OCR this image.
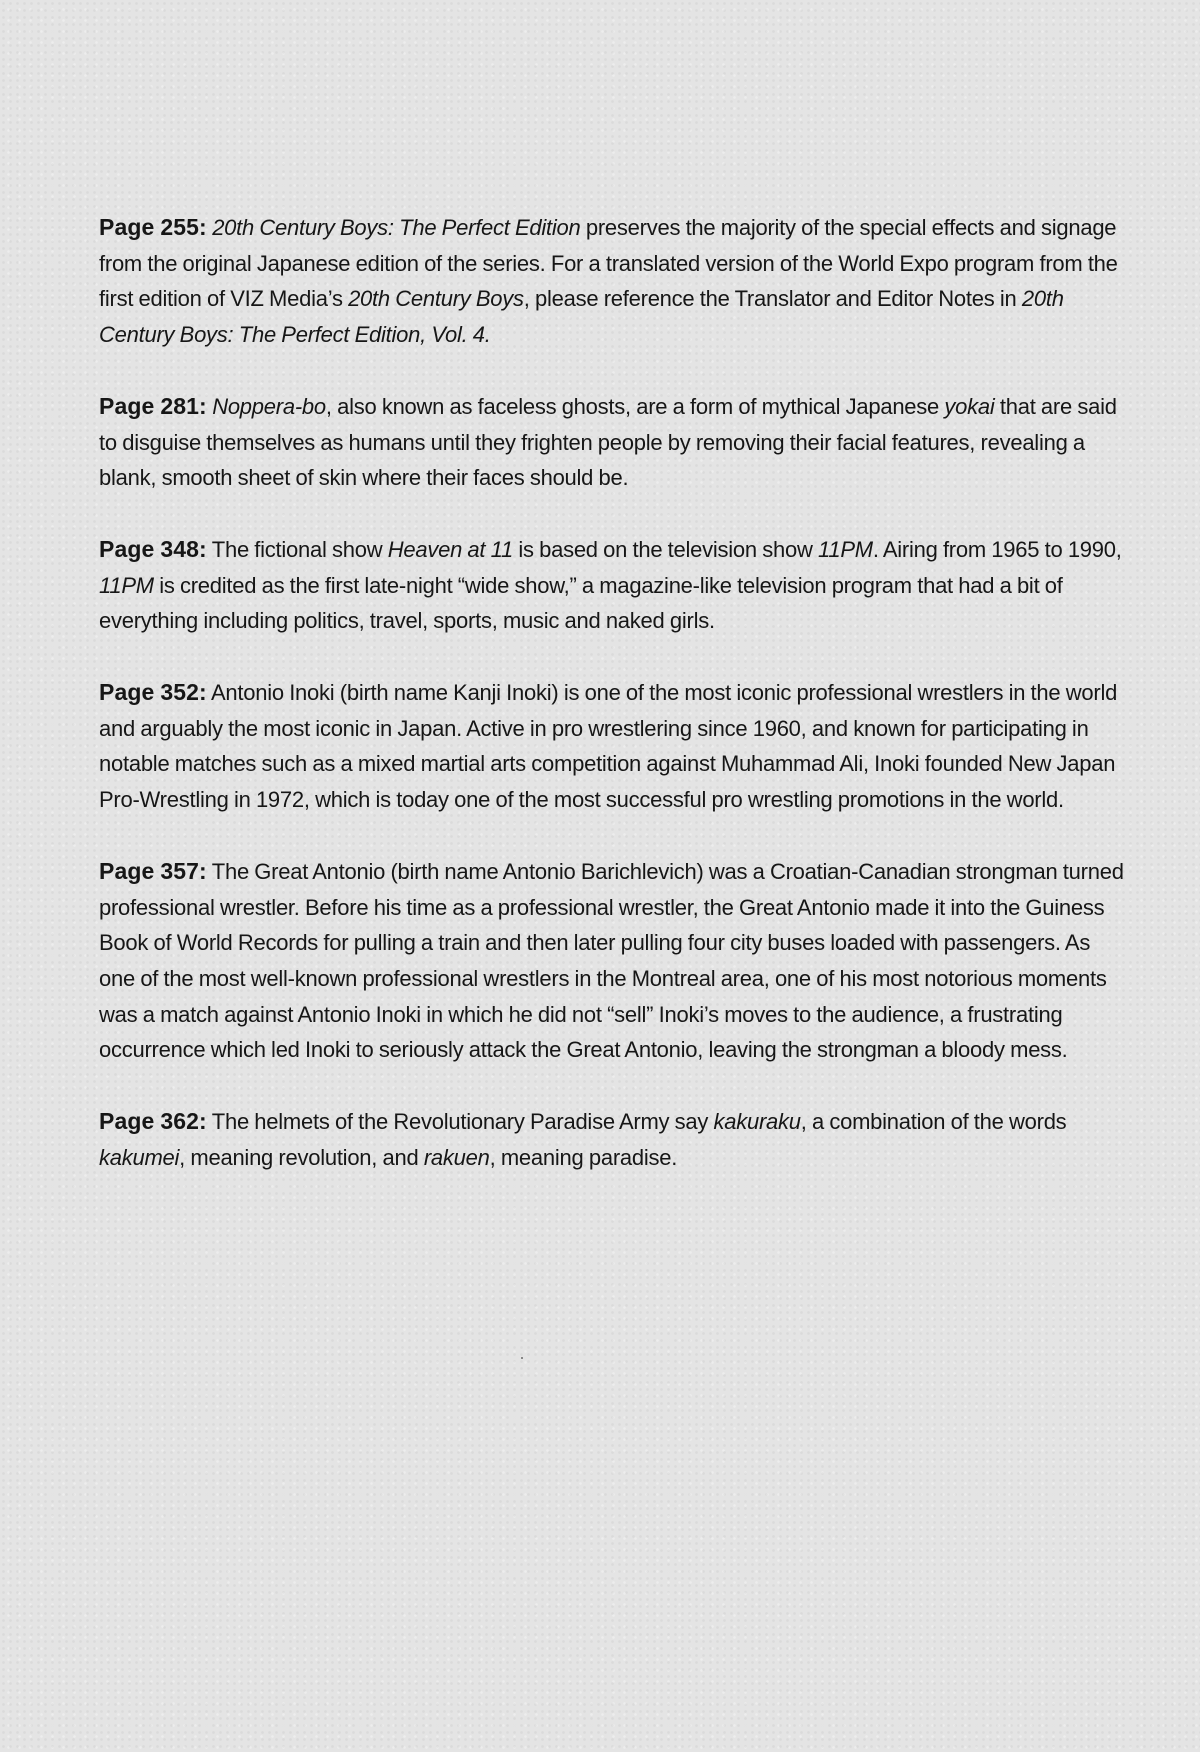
Page 255: 20th Century Boys: The Perfect Edition preserves the majority of the special effects and signage from the original Japanese edition of the series. For a translated version of the World Expo program from the first edition of VIZ Media’s 20th Century Boys, please reference the Translator and Editor Notes in 20th Century Boys: The Perfect Edition, Vol. 4.

Page 281: Noppera-bo, also known as faceless ghosts, are a form of mythical Japanese yokai that are said to disguise themselves as humans until they frighten people by removing their facial features, revealing a blank, smooth sheet of skin where their faces should be.

Page 348: The fictional show Heaven at 11 is based on the television show 11PM. Airing from 1965 to 1990, 11PM is credited as the first late-night “wide show,” a magazine-like television program that had a bit of everything including politics, travel, sports, music and naked girls.

Page 352: Antonio Inoki (birth name Kanji Inoki) is one of the most iconic professional wrestlers in the world and arguably the most iconic in Japan. Active in pro wrestlering since 1960, and known for participating in notable matches such as a mixed martial arts competition against Muhammad Ali, Inoki founded New Japan Pro-Wrestling in 1972, which is today one of the most successful pro wrestling promotions in the world.

Page 357: The Great Antonio (birth name Antonio Barichlevich) was a Croatian-Canadian strongman turned professional wrestler. Before his time as a professional wrestler, the Great Antonio made it into the Guiness Book of World Records for pulling a train and then later pulling four city buses loaded with passengers. As one of the most well-known professional wrestlers in the Montreal area, one of his most notorious moments was a match against Antonio Inoki in which he did not “sell” Inoki’s moves to the audience, a frustrating occurrence which led Inoki to seriously attack the Great Antonio, leaving the strongman a bloody mess.

Page 362: The helmets of the Revolutionary Paradise Army say kakuraku, a combination of the words kakumei, meaning revolution, and rakuen, meaning paradise.
